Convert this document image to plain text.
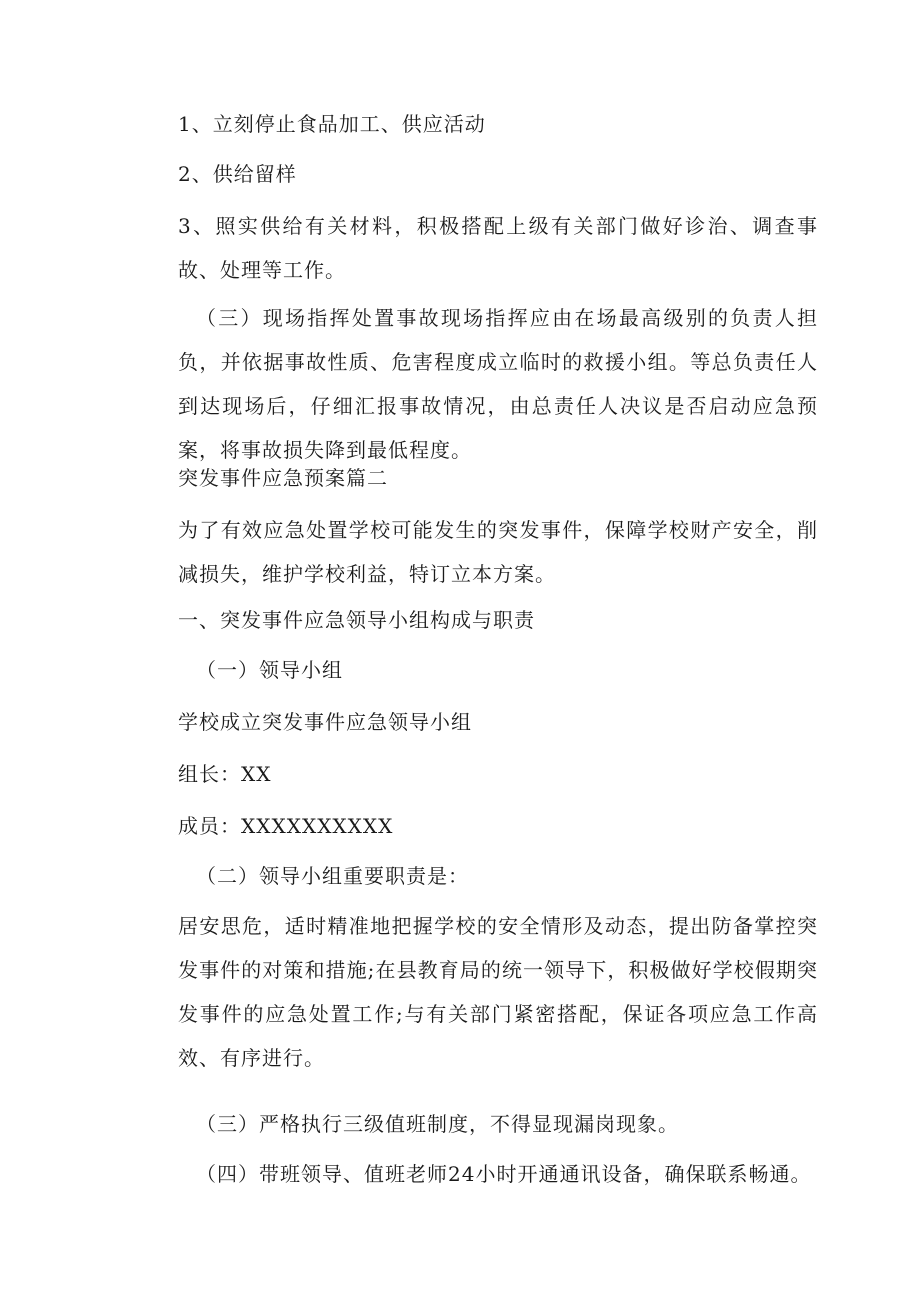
1、立刻停止食品加工、供应活动

2、供给留样

3、照实供给有关材料，积极搭配上级有关部门做好诊治、调查事故、处理等工作。

（三）现场指挥处置事故现场指挥应由在场最高级别的负责人担负，并依据事故性质、危害程度成立临时的救援小组。等总负责任人到达现场后，仔细汇报事故情况，由总责任人决议是否启动应急预案，将事故损失降到最低程度。

突发事件应急预案篇二

为了有效应急处置学校可能发生的突发事件，保障学校财产安全，削减损失，维护学校利益，特订立本方案。

一、突发事件应急领导小组构成与职责

（一）领导小组

学校成立突发事件应急领导小组

组长：XX

成员：XXXXXXXXXX

（二）领导小组重要职责是：

居安思危，适时精准地把握学校的安全情形及动态，提出防备掌控突发事件的对策和措施;在县教育局的统一领导下，积极做好学校假期突发事件的应急处置工作;与有关部门紧密搭配，保证各项应急工作高效、有序进行。

（三）严格执行三级值班制度，不得显现漏岗现象。

（四）带班领导、值班老师24小时开通通讯设备，确保联系畅通。
